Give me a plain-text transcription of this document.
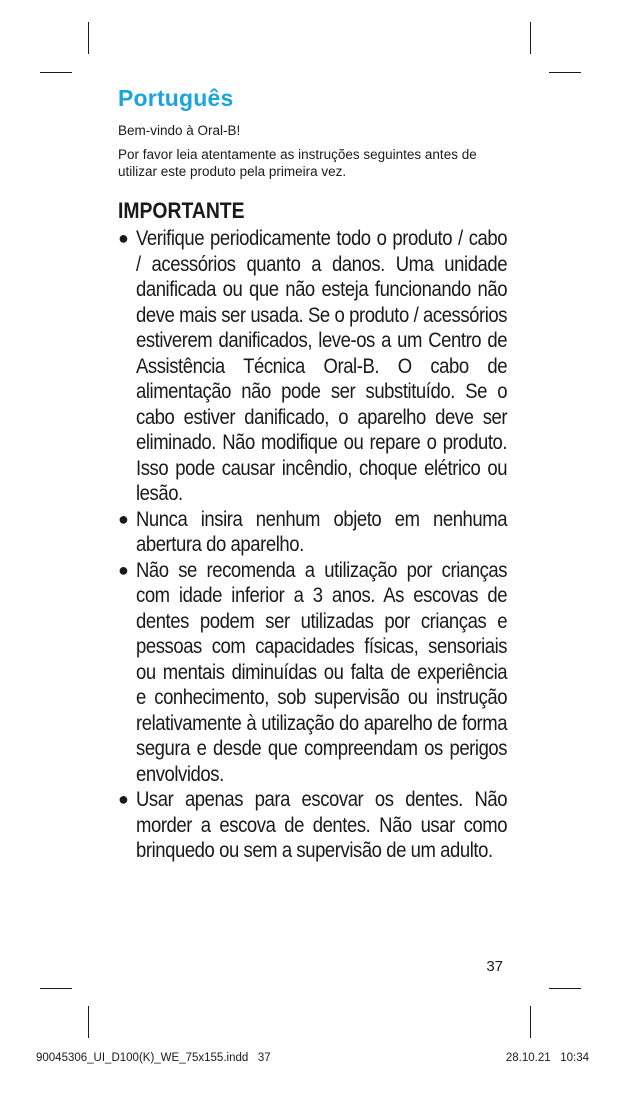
Português

Bem-vindo à Oral-B!

Por favor leia atentamente as instruções seguintes antes de utilizar este produto pela primeira vez.

IMPORTANTE
● Verifique periodicamente todo o produto / cabo / acessórios quanto a danos. Uma unidade danificada ou que não esteja funcionando não deve mais ser usada. Se o produto / acessórios estiverem danificados, leve-os a um Centro de Assistência Técnica Oral-B. O cabo de alimentação não pode ser substituído. Se o cabo estiver danificado, o aparelho deve ser eliminado. Não modifique ou repare o produto. Isso pode causar incêndio, choque elétrico ou lesão.
● Nunca insira nenhum objeto em nenhuma abertura do aparelho.
● Não se recomenda a utilização por crianças com idade inferior a 3 anos. As escovas de dentes podem ser utilizadas por crianças e pessoas com capacidades físicas, sensoriais ou mentais diminuídas ou falta de experiência e conhecimento, sob supervisão ou instrução relativamente à utilização do aparelho de forma segura e desde que compreendam os perigos envolvidos.
● Usar apenas para escovar os dentes. Não morder a escova de dentes. Não usar como brinquedo ou sem a supervisão de um adulto.
37
90045306_UI_D100(K)_WE_75x155.indd   37	28.10.21   10:34
